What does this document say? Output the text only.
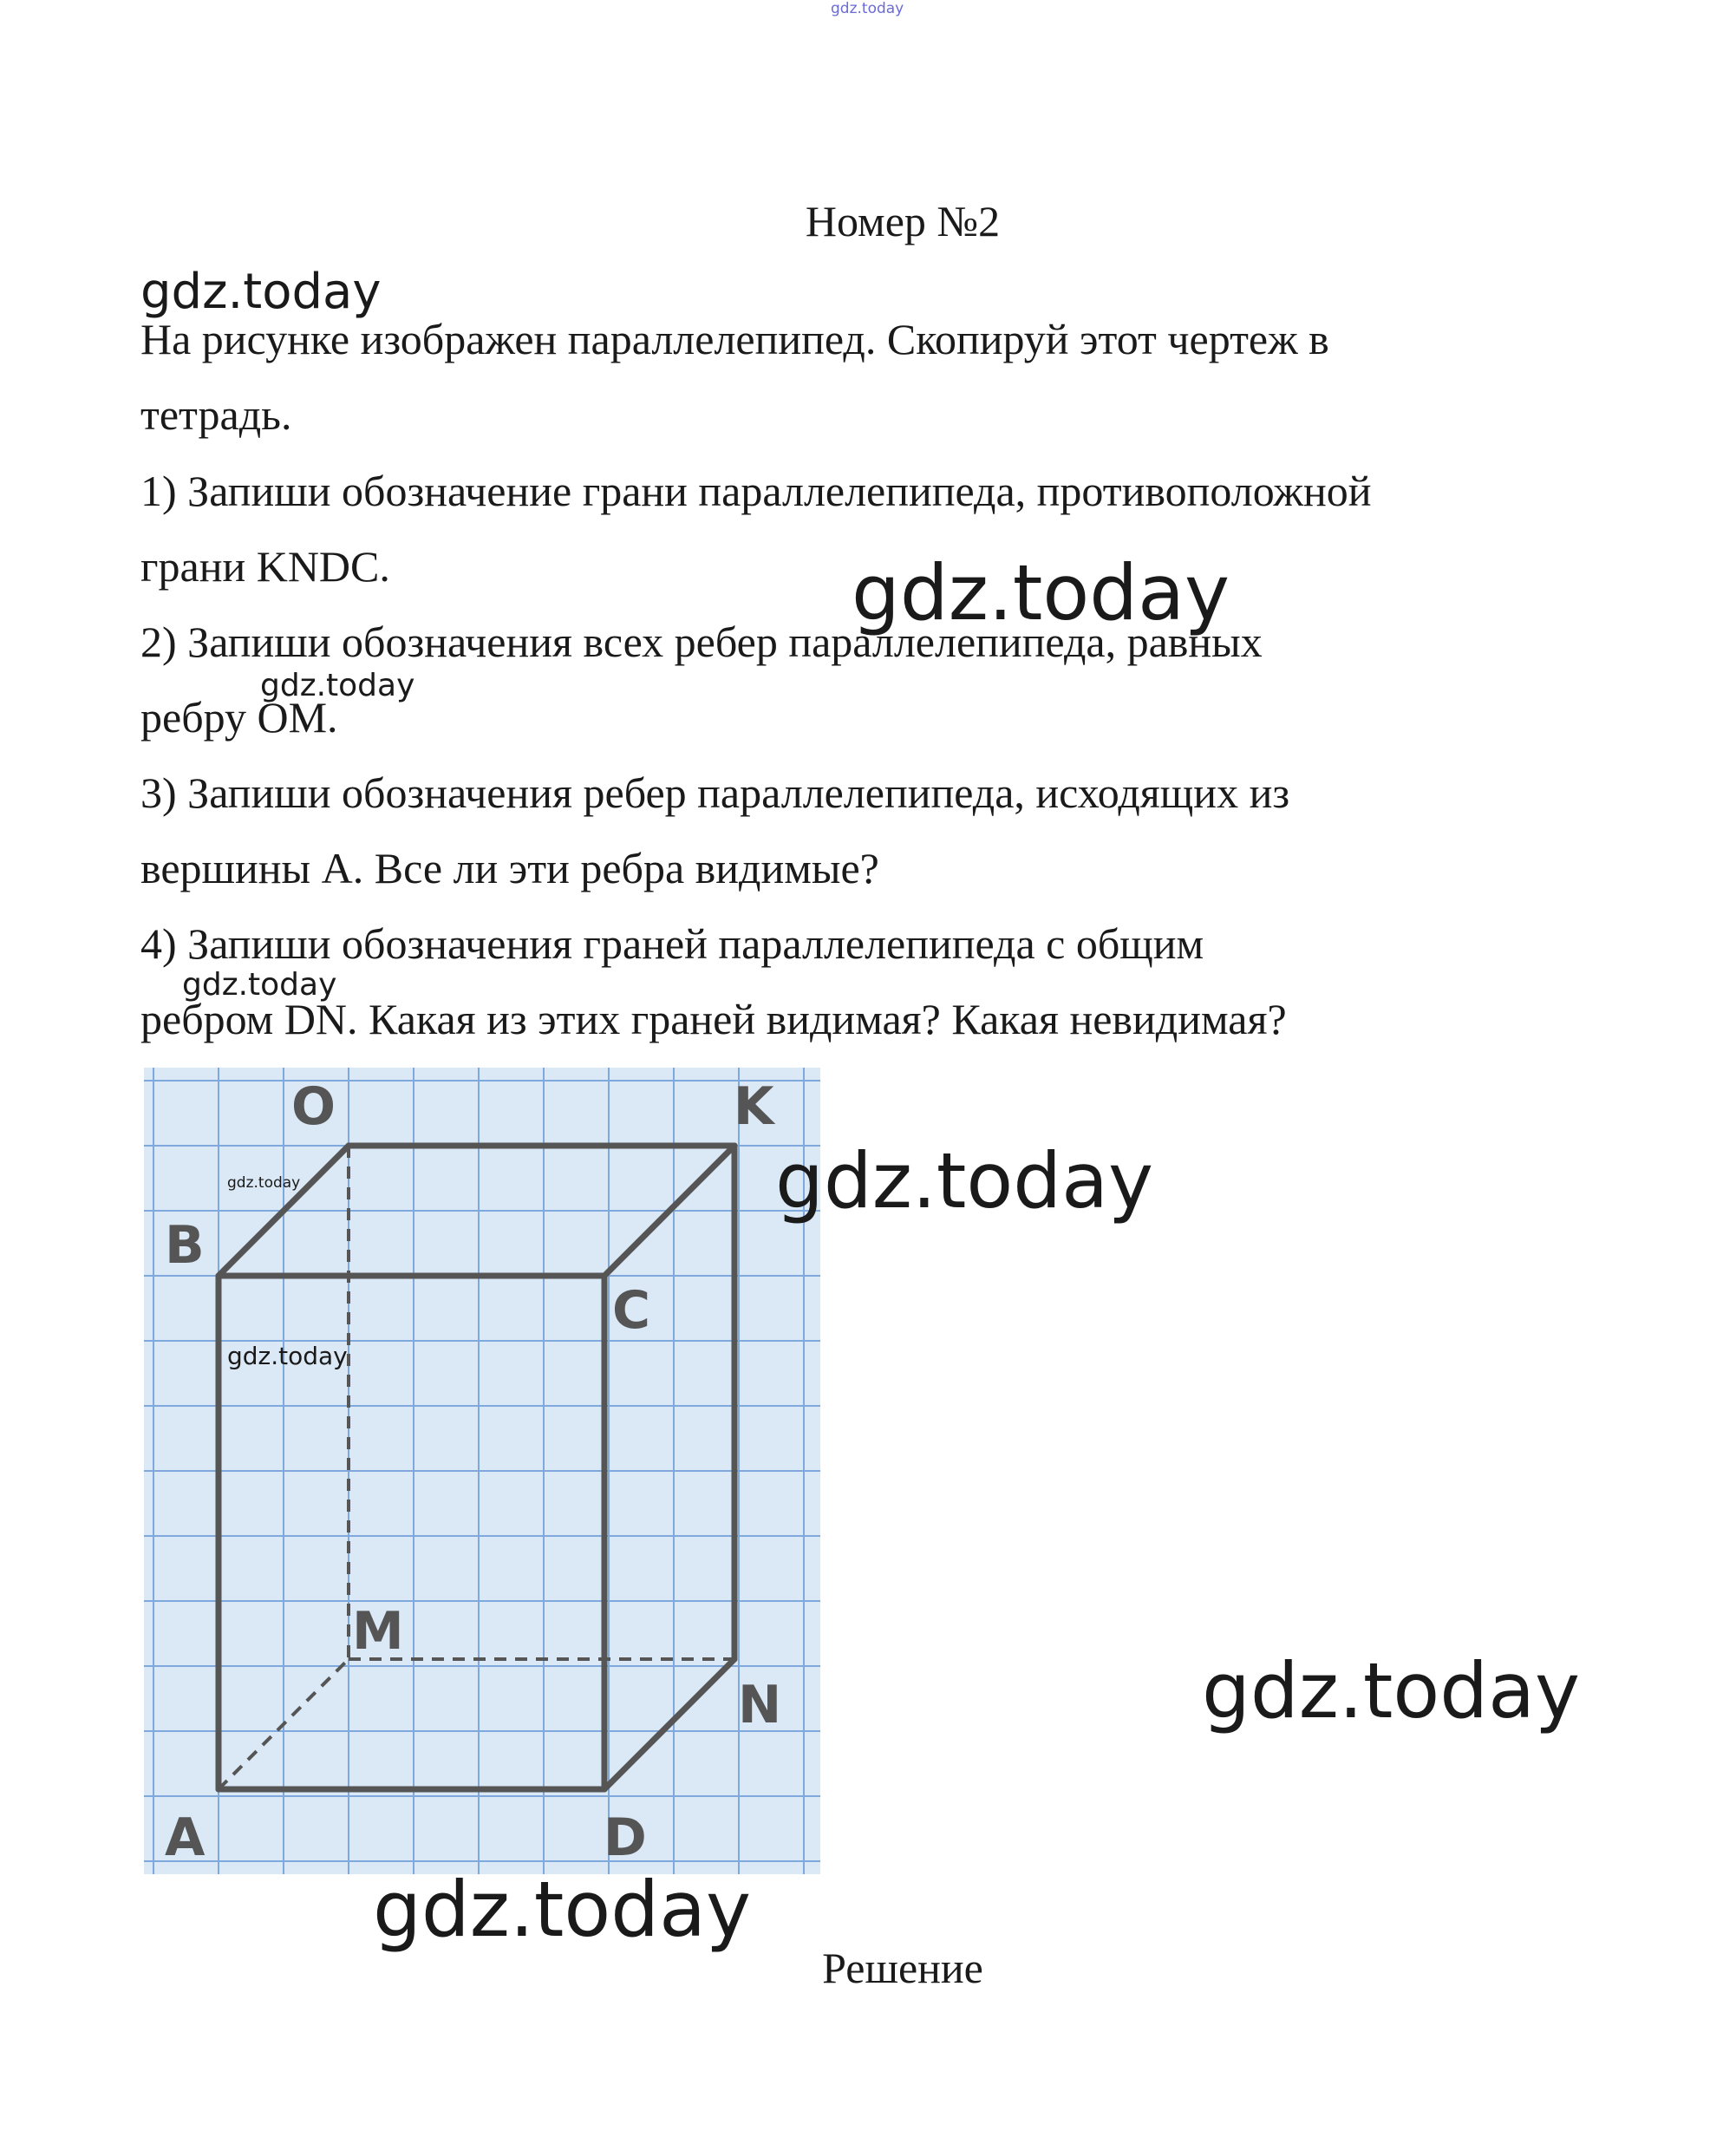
gdz.today
Номер №2
gdz.today

На рисунке изображен параллелепипед. Скопируй этот чертеж в
тетрадь.

1) Запиши обозначение грани параллелепипеда, противоположной
грани KNDC.

2) Запиши обозначения всех ребер параллелепипеда, равных
ребру OM.

3) Запиши обозначения ребер параллелепипеда, исходящих из
вершины A. Все ли эти ребра видимые?

4) Запиши обозначения граней параллелепипеда с общим
ребром DN. Какая из этих граней видимая? Какая невидимая?

gdz.today
gdz.today
gdz.today
O	K
B
C
M
N
A	D
gdz.today
gdz.today
gdz.today
gdz.today
gdz.today

Решение
